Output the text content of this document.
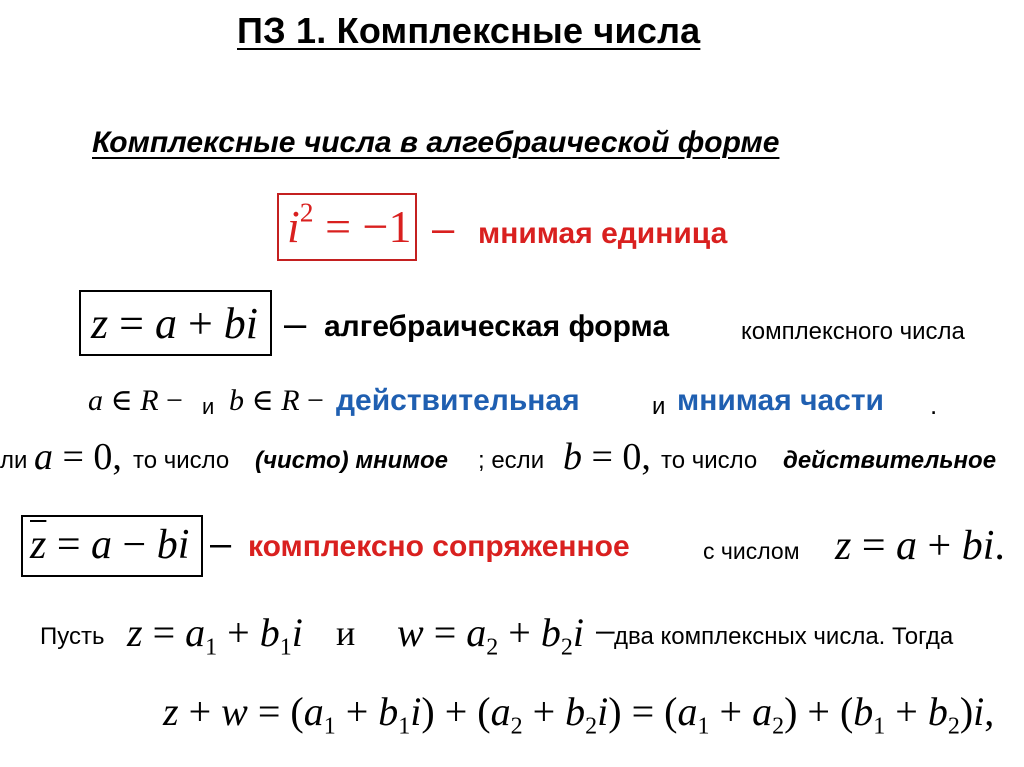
ПЗ 1. Комплексные числа
Комплексные числа в алгебраической форме
$i^2 = -1$ – мнимая единица
z = a + bi – алгебраическая форма	комплексного числа
a ∈ R − и b ∈ R − действительная	и мнимая части .
ли a = 0, то число (чисто) мнимое ; если b = 0, то число действительное
$\overline{z} = a$ − bi – комплексно сопряженное	с числом z = a + bi.
Пусть $z = a_1 + b_1i$ и $w = a_2 + b_2i$ −
два комплексных числа. Тогда
$z + w = (a_1 + b_1i) + (a_2 + b_2i) = (a_1 + a_2) + (b_1 + b_2)i$,
